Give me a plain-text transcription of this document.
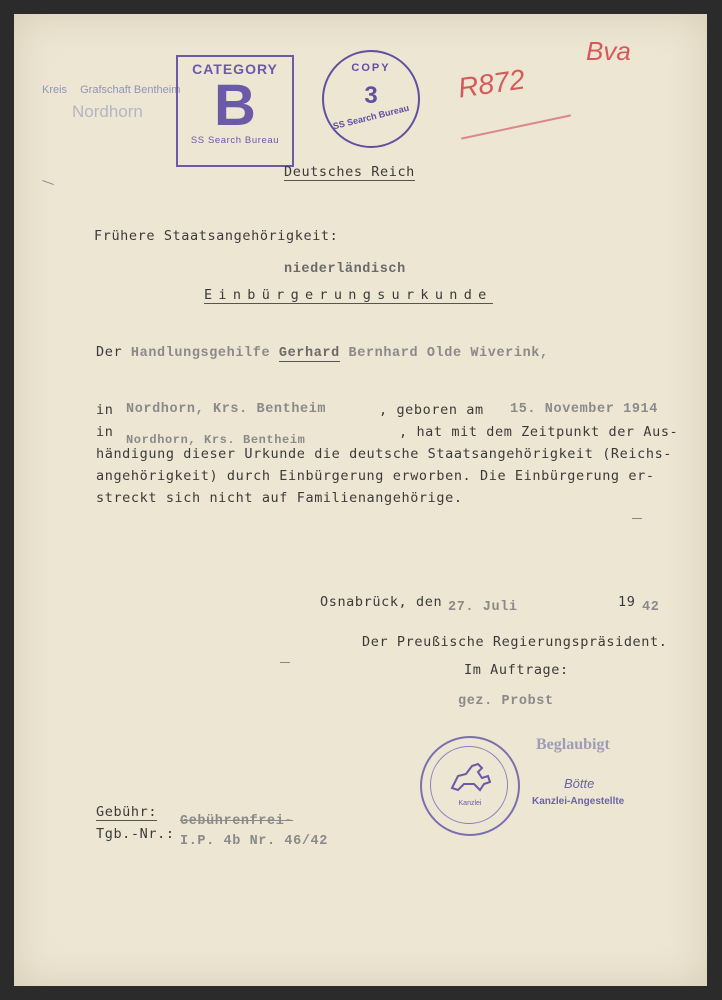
Kreis Grafschaft Bentheim
Nordhorn
CATEGORY
B
SS Search Bureau
COPY
3
SS Search Bureau
R872
Bva
Deutsches Reich
Frühere Staatsangehörigkeit:
niederländisch
Einbürgerungsurkunde
Der Handlungsgehilfe Gerhard Bernhard Olde Wiverink,
in Nordhorn, Krs. Bentheim	, geboren am 15. November 1914
in Nordhorn, Krs. Bentheim	, hat mit dem Zeitpunkt der Aus-
händigung dieser Urkunde die deutsche Staatsangehörigkeit (Reichs-
angehörigkeit) durch Einbürgerung erworben. Die Einbürgerung er-
streckt sich nicht auf Familienangehörige.
Osnabrück, den 27. Juli	19 42
Der Preußische Regierungspräsident.
Im Auftrage:
gez. Probst
Kanzlei
Beglaubigt
Bötte
Kanzlei-Angestellte
Gebühr:
Gebührenfrei-
Tgb.-Nr.: I.P. 4b Nr. 46/42
